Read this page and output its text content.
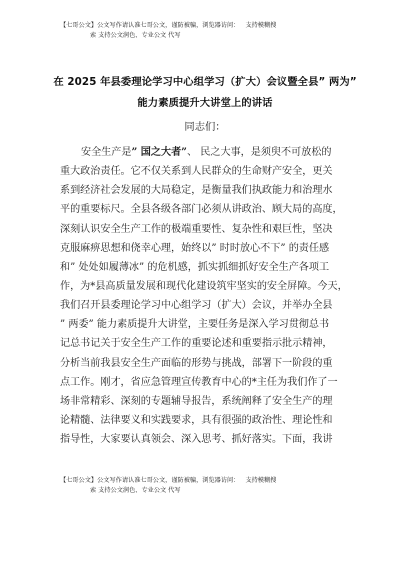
【七哥公文】公文写作请认准七哥公文，谨防被骗，浏览器访问： 支持模糊搜
索 支持公文润色、专业公文 代写
在 2025 年县委理论学习中心组学习（扩大）会议暨全县” 两为”
能力素质提升大讲堂上的讲话
同志们：
安全生产是” 国之大者”、 民之大事，是须臾不可放松的
重大政治责任。它不仅关系到人民群众的生命财产安全，更关
系到经济社会发展的大局稳定，是衡量我们执政能力和治理水
平的重要标尺。全县各级各部门必须从讲政治、顾大局的高度，
深刻认识安全生产工作的极端重要性、复杂性和艰巨性，坚决
克服麻痹思想和侥幸心理，始终以” 时时放心不下” 的责任感
和” 处处如履薄冰” 的危机感，抓实抓细抓好安全生产各项工
作，为*县高质量发展和现代化建设筑牢坚实的安全屏障。今天，
我们召开县委理论学习中心组学习（扩大）会议，并举办全县
” 两委” 能力素质提升大讲堂，主要任务是深入学习贯彻总书
记总书记关于安全生产工作的重要论述和重要指示批示精神，
分析当前我县安全生产面临的形势与挑战，部署下一阶段的重
点工作。刚才，省应急管理宣传教育中心的*主任为我们作了一
场非常精彩、深刻的专题辅导报告，系统阐释了安全生产的理
论精髓、法律要义和实践要求，具有很强的政治性、理论性和
指导性，大家要认真领会、深入思考、抓好落实。下面，我讲
【七哥公文】公文写作请认准七哥公文，谨防被骗，浏览器访问： 支持模糊搜
索 支持公文润色、专业公文 代写
